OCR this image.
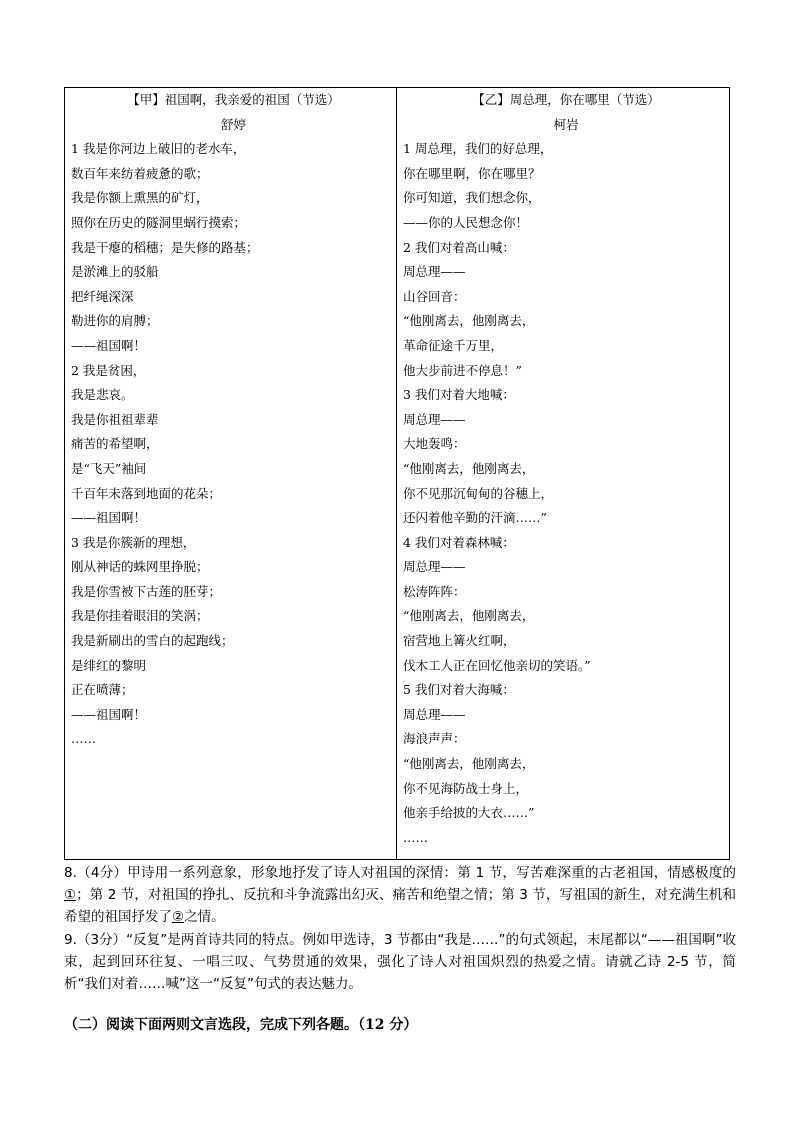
【甲】祖国啊，我亲爱的祖国（节选）
舒婷
1 我是你河边上破旧的老水车，
数百年来纺着疲惫的歌；
我是你额上熏黑的矿灯，
照你在历史的隧洞里蜗行摸索；
我是干瘪的稻穗；是失修的路基；
是淤滩上的驳船
把纤绳深深
勒进你的肩膊；
——祖国啊！
2 我是贫困，
我是悲哀。
我是你祖祖辈辈
痛苦的希望啊，
是“飞天”袖间
千百年未落到地面的花朵；
——祖国啊！
3 我是你簇新的理想，
刚从神话的蛛网里挣脱；
我是你雪被下古莲的胚芽；
我是你挂着眼泪的笑涡；
我是新刷出的雪白的起跑线；
是绯红的黎明
正在喷薄；
——祖国啊！
……
【乙】周总理，你在哪里（节选）
柯岩
1 周总理，我们的好总理，
你在哪里啊，你在哪里？
你可知道，我们想念你，
——你的人民想念你！
2 我们对着高山喊：
周总理——
山谷回音：
“他刚离去，他刚离去，
革命征途千万里，
他大步前进不停息！”
3 我们对着大地喊：
周总理——
大地轰鸣：
“他刚离去，他刚离去，
你不见那沉甸甸的谷穗上，
还闪着他辛勤的汗滴……”
4 我们对着森林喊：
周总理——
松涛阵阵：
“他刚离去，他刚离去，
宿营地上篝火红啊，
伐木工人正在回忆他亲切的笑语。”
5 我们对着大海喊：
周总理——
海浪声声：
“他刚离去，他刚离去，
你不见海防战士身上，
他亲手给披的大衣……”
……

8.（4分）甲诗用一系列意象，形象地抒发了诗人对祖国的深情：第 1 节，写苦难深重的古老祖国，情感极度的①；第 2 节，对祖国的挣扎、反抗和斗争流露出幻灭、痛苦和绝望之情；第 3 节，写祖国的新生，对充满生机和希望的祖国抒发了②之情。

9.（3分）“反复”是两首诗共同的特点。例如甲选诗，3 节都由“我是……”的句式领起，末尾都以“——祖国啊”收束，起到回环往复、一唱三叹、气势贯通的效果，强化了诗人对祖国炽烈的热爱之情。请就乙诗 2-5 节，简析“我们对着……喊”这一“反复”句式的表达魅力。

（二）阅读下面两则文言选段，完成下列各题。（12 分）
